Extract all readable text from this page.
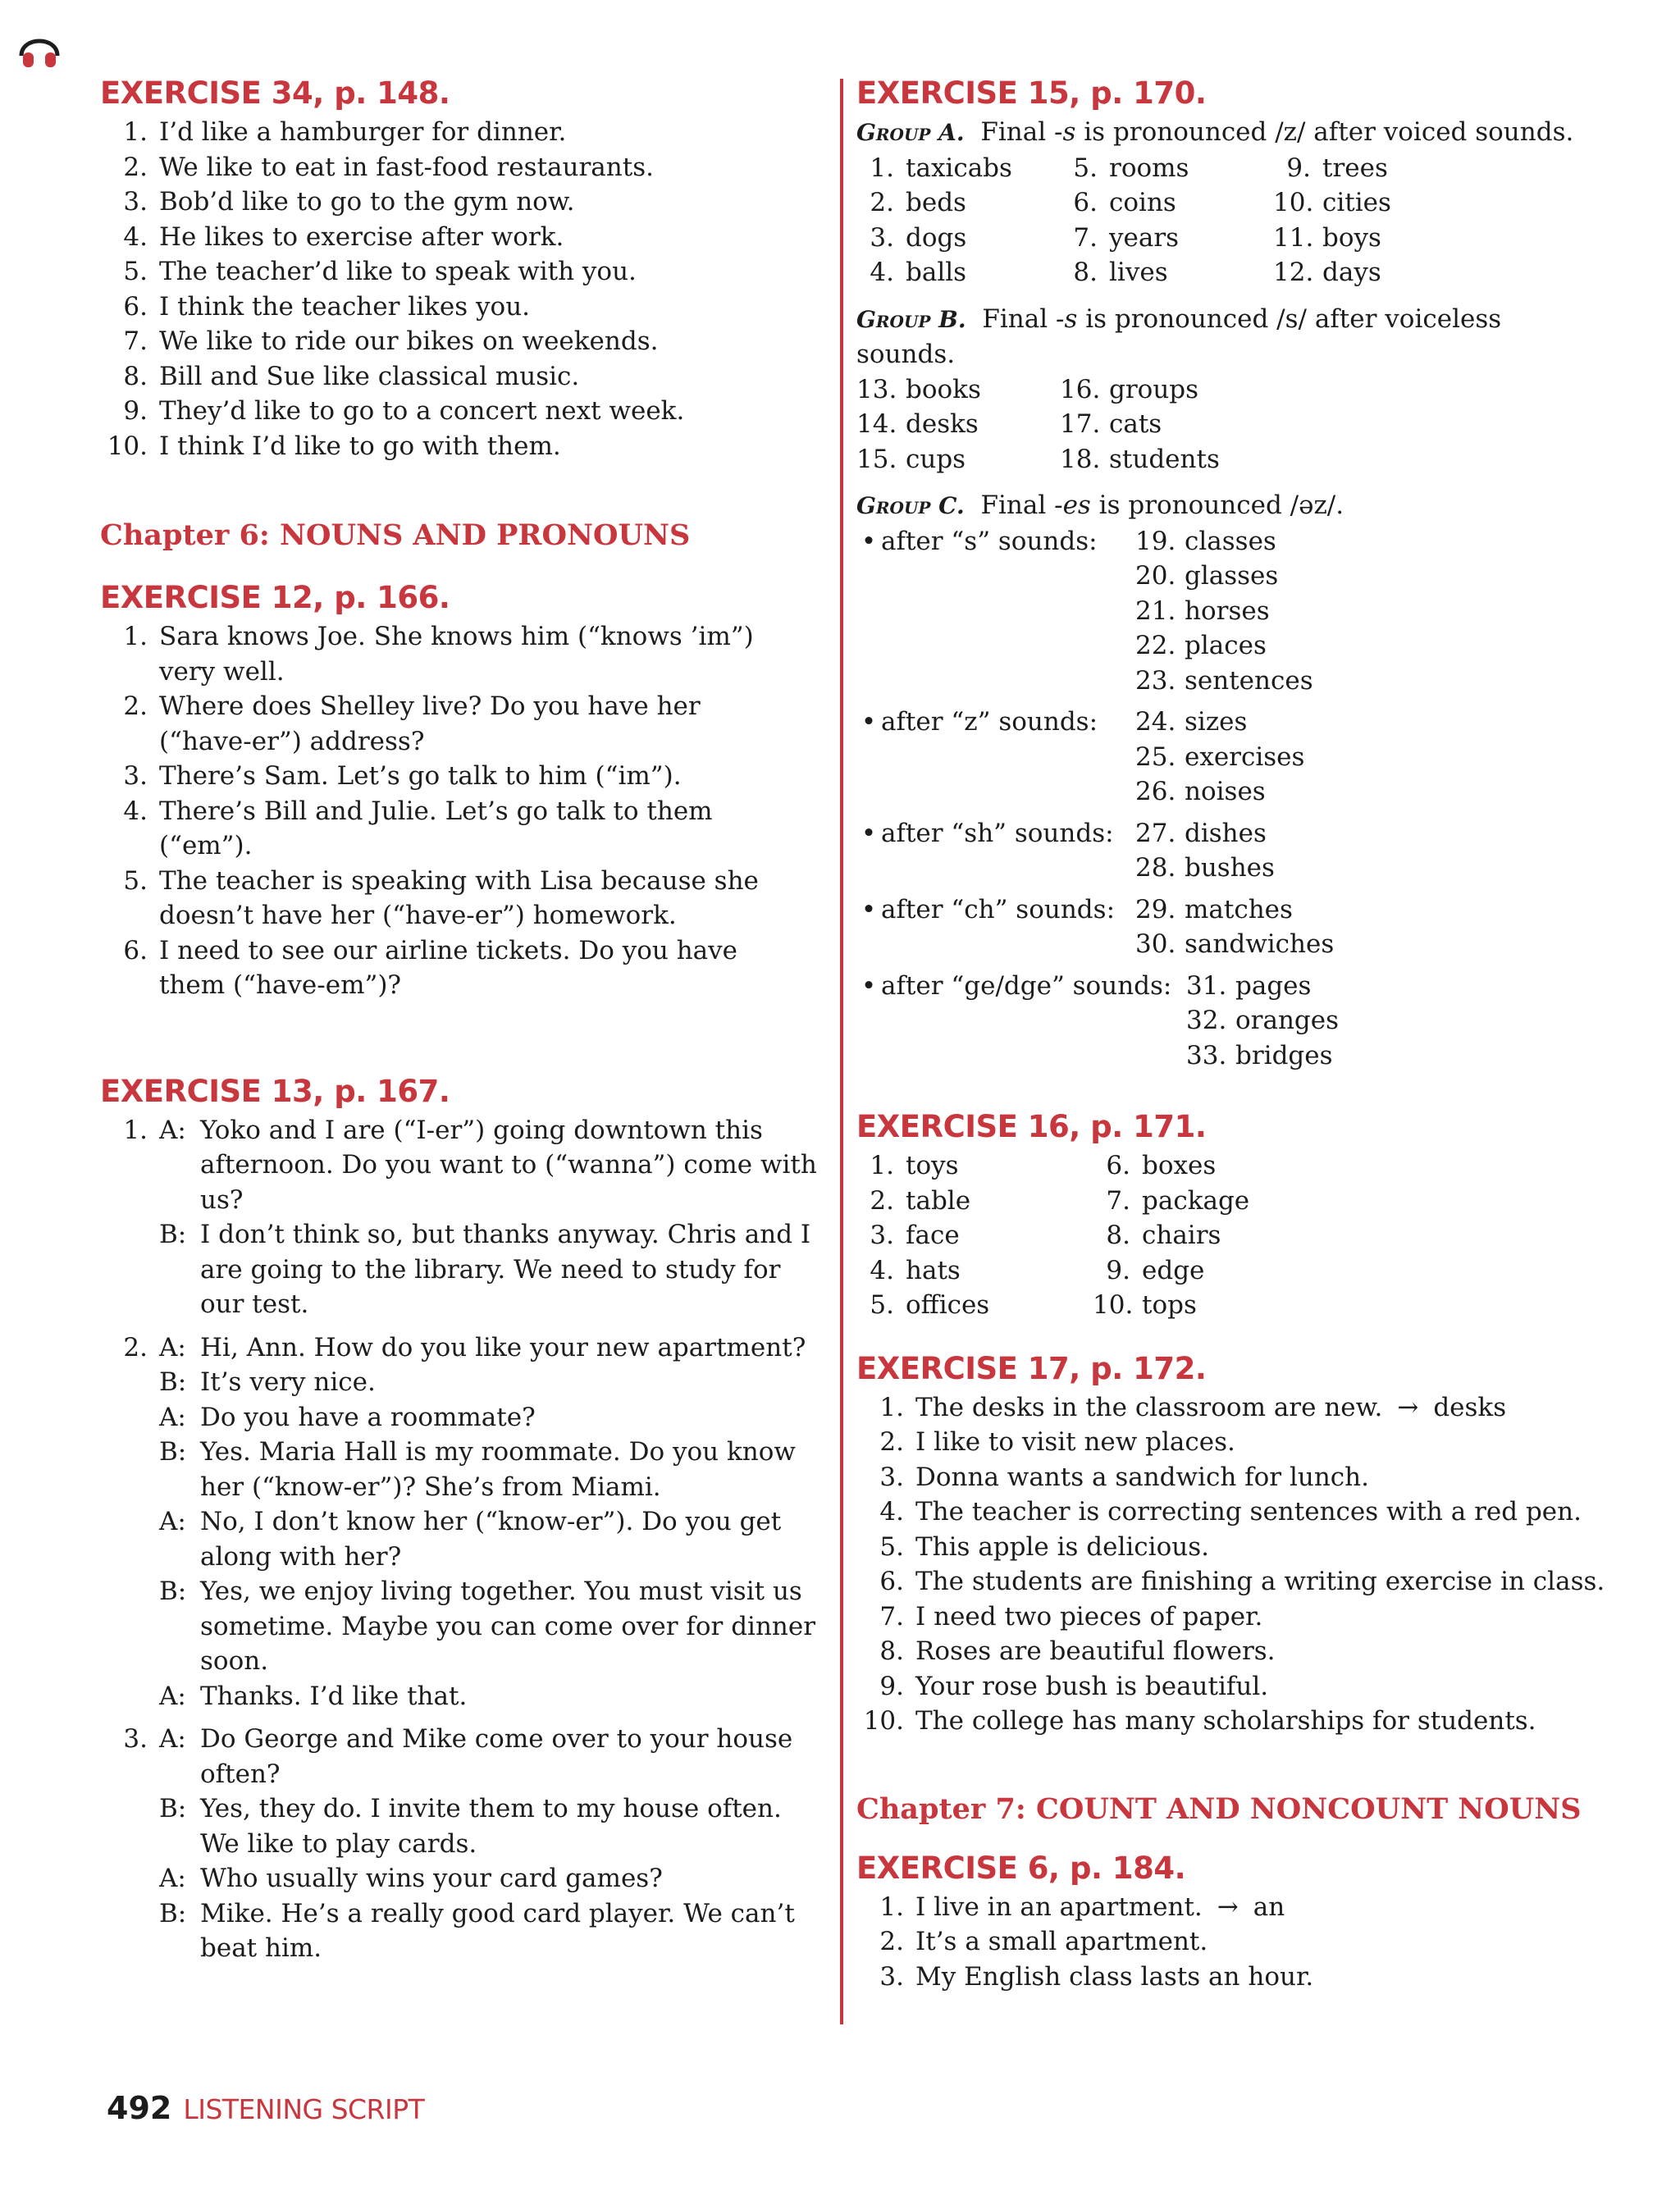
EXERCISE 34, p. 148.
1. I’d like a hamburger for dinner.
2. We like to eat in fast-food restaurants.
3. Bob’d like to go to the gym now.
4. He likes to exercise after work.
5. The teacher’d like to speak with you.
6. I think the teacher likes you.
7. We like to ride our bikes on weekends.
8. Bill and Sue like classical music.
9. They’d like to go to a concert next week.
10. I think I’d like to go with them.
Chapter 6: NOUNS AND PRONOUNS
EXERCISE 12, p. 166.
1. Sara knows Joe. She knows him (“knows ’im”) very well.
2. Where does Shelley live? Do you have her (“have-er”) address?
3. There’s Sam. Let’s go talk to him (“im”).
4. There’s Bill and Julie. Let’s go talk to them (“em”).
5. The teacher is speaking with Lisa because she doesn’t have her (“have-er”) homework.
6. I need to see our airline tickets. Do you have them (“have-em”)?
EXERCISE 13, p. 167.
1. A: Yoko and I are (“I-er”) going downtown this afternoon. Do you want to (“wanna”) come with us?
B: I don’t think so, but thanks anyway. Chris and I are going to the library. We need to study for our test.
2. A: Hi, Ann. How do you like your new apartment?
B: It’s very nice.
A: Do you have a roommate?
B: Yes. Maria Hall is my roommate. Do you know her (“know-er”)? She’s from Miami.
A: No, I don’t know her (“know-er”). Do you get along with her?
B: Yes, we enjoy living together. You must visit us sometime. Maybe you can come over for dinner soon.
A: Thanks. I’d like that.
3. A: Do George and Mike come over to your house often?
B: Yes, they do. I invite them to my house often. We like to play cards.
A: Who usually wins your card games?
B: Mike. He’s a really good card player. We can’t beat him.
EXERCISE 15, p. 170.

Group A. Final -s is pronounced /z/ after voiced sounds.

1. taxicabs
2. beds
3. dogs
4. balls
5. rooms
6. coins
7. years
8. lives
9. trees
10. cities
11. boys
12. days

Group B. Final -s is pronounced /s/ after voiceless

sounds.

13. books
14. desks
15. cups
16. groups
17. cats
18. students

Group C. Final -es is pronounced /əz/.

• after “s” sounds:	19. classes
20. glasses
21. horses
22. places
23. sentences
• after “z” sounds:	24. sizes
25. exercises
26. noises
• after “sh” sounds: 27. dishes
28. bushes
• after “ch” sounds: 29. matches
30. sandwiches
• after “ge/dge” sounds: 31. pages
32. oranges
33. bridges
EXERCISE 16, p. 171.
1. toys
2. table
3. face
4. hats
5. offices
6. boxes
7. package
8. chairs
9. edge
10. tops
EXERCISE 17, p. 172.

1. The desks in the classroom are new. → desks

2. I like to visit new places.
3. Donna wants a sandwich for lunch.
4. The teacher is correcting sentences with a red pen.
5. This apple is delicious.
6. The students are finishing a writing exercise in class.
7. I need two pieces of paper.
8. Roses are beautiful flowers.
9. Your rose bush is beautiful.
10. The college has many scholarships for students.
Chapter 7: COUNT AND NONCOUNT NOUNS
EXERCISE 6, p. 184.

1. I live in an apartment. → an

2. It’s a small apartment.
3. My English class lasts an hour.
492 LISTENING SCRIPT
